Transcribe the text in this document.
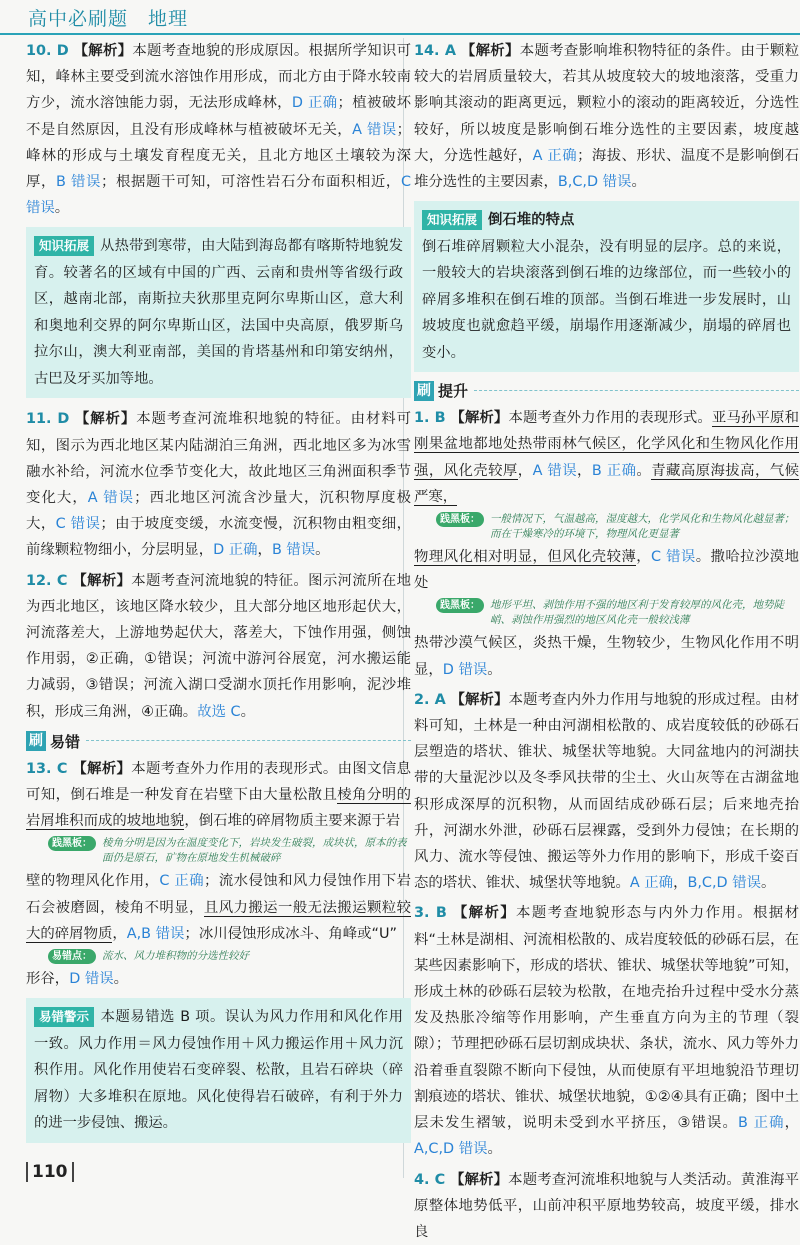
高中必刷题　地理

10. D 【解析】本题考查地貌的形成原因。根据所学知识可知，峰林主要受到流水溶蚀作用形成，而北方由于降水较南方少，流水溶蚀能力弱，无法形成峰林，D 正确；植被破坏不是自然原因，且没有形成峰林与植被破坏无关，A 错误；峰林的形成与土壤发育程度无关，且北方地区土壤较为深厚，B 错误；根据题干可知，可溶性岩石分布面积相近，C 错误。

知识拓展 从热带到寒带，由大陆到海岛都有喀斯特地貌发育。较著名的区域有中国的广西、云南和贵州等省级行政区，越南北部，南斯拉夫狄那里克阿尔卑斯山区，意大利和奥地利交界的阿尔卑斯山区，法国中央高原，俄罗斯乌拉尔山，澳大利亚南部，美国的肯塔基州和印第安纳州，古巴及牙买加等地。

11. D 【解析】本题考查河流堆积地貌的特征。由材料可知，图示为西北地区某内陆湖泊三角洲，西北地区多为冰雪融水补给，河流水位季节变化大，故此地区三角洲面积季节变化大，A 错误；西北地区河流含沙量大，沉积物厚度极大，C 错误；由于坡度变缓，水流变慢，沉积物由粗变细，前缘颗粒物细小，分层明显，D 正确，B 错误。

12. C 【解析】本题考查河流地貌的特征。图示河流所在地为西北地区，该地区降水较少，且大部分地区地形起伏大，河流落差大，上游地势起伏大，落差大，下蚀作用强，侧蚀作用弱，②正确，①错误；河流中游河谷展宽，河水搬运能力减弱，③错误；河流入湖口受湖水顶托作用影响，泥沙堆积，形成三角洲，④正确。故选 C。

刷 易错

13. C 【解析】本题考查外力作用的表现形式。由图文信息可知，倒石堆是一种发育在岩壁下由大量松散且棱角分明的岩屑堆积而成的坡地地貌，倒石堆的碎屑物质主要来源于岩

践黑板： 棱角分明是因为在温度变化下，岩块发生破裂，成块状，原本的表面仍是原石，矿物在原地发生机械破碎

壁的物理风化作用，C 正确；流水侵蚀和风力侵蚀作用下岩石会被磨圆，棱角不明显，且风力搬运一般无法搬运颗粒较大的碎屑物质，A,B 错误；冰川侵蚀形成冰斗、角峰或“U”

易错点： 流水、风力堆积物的分选性较好

形谷，D 错误。

易错警示 本题易错选 B 项。误认为风力作用和风化作用一致。风力作用＝风力侵蚀作用＋风力搬运作用＋风力沉积作用。风化作用使岩石变碎裂、松散，且岩石碎块（碎屑物）大多堆积在原地。风化使得岩石破碎，有利于外力的进一步侵蚀、搬运。

14. A 【解析】本题考查影响堆积物特征的条件。由于颗粒较大的岩屑质量较大，若其从坡度较大的坡地滚落，受重力影响其滚动的距离更远，颗粒小的滚动的距离较近，分选性较好，所以坡度是影响倒石堆分选性的主要因素，坡度越大，分选性越好，A 正确；海拔、形状、温度不是影响倒石堆分选性的主要因素，B,C,D 错误。

知识拓展 倒石堆的特点

倒石堆碎屑颗粒大小混杂，没有明显的层序。总的来说，一般较大的岩块滚落到倒石堆的边缘部位，而一些较小的碎屑多堆积在倒石堆的顶部。当倒石堆进一步发展时，山坡坡度也就愈趋平缓，崩塌作用逐渐减少，崩塌的碎屑也变小。

刷 提升

1. B 【解析】本题考查外力作用的表现形式。亚马孙平原和刚果盆地都地处热带雨林气候区，化学风化和生物风化作用强，风化壳较厚，A 错误，B 正确。青藏高原海拔高，气候严寒，

践黑板： 一般情况下，气温越高，湿度越大，化学风化和生物风化越显著；而在干燥寒冷的环境下，物理风化更显著

物理风化相对明显，但风化壳较薄，C 错误。撒哈拉沙漠地处

践黑板： 地形平坦、剥蚀作用不强的地区利于发育较厚的风化壳，地势陡峭、剥蚀作用强烈的地区风化壳一般较浅薄

热带沙漠气候区，炎热干燥，生物较少，生物风化作用不明显，D 错误。

2. A 【解析】本题考查内外力作用与地貌的形成过程。由材料可知，土林是一种由河湖相松散的、成岩度较低的砂砾石层塑造的塔状、锥状、城堡状等地貌。大同盆地内的河湖扶带的大量泥沙以及冬季风扶带的尘土、火山灰等在古湖盆地积形成深厚的沉积物，从而固结成砂砾石层；后来地壳抬升，河湖水外泄，砂砾石层裸露，受到外力侵蚀；在长期的风力、流水等侵蚀、搬运等外力作用的影响下，形成千姿百态的塔状、锥状、城堡状等地貌。A 正确，B,C,D 错误。

3. B 【解析】本题考查地貌形态与内外力作用。根据材料“土林是湖相、河流相松散的、成岩度较低的砂砾石层，在某些因素影响下，形成的塔状、锥状、城堡状等地貌”可知，形成土林的砂砾石层较为松散，在地壳抬升过程中受水分蒸发及热胀冷缩等作用影响，产生垂直方向为主的节理（裂隙）；节理把砂砾石层切割成块状、条状，流水、风力等外力沿着垂直裂隙不断向下侵蚀，从而使原有平坦地貌沿节理切割痕迹的塔状、锥状、城堡状地貌，①②④具有正确；图中土层未发生褶皱，说明未受到水平挤压，③错误。B 正确，A,C,D 错误。

4. C 【解析】本题考查河流堆积地貌与人类活动。黄淮海平原整体地势低平，山前冲积平原地势较高，坡度平缓，排水良

110
